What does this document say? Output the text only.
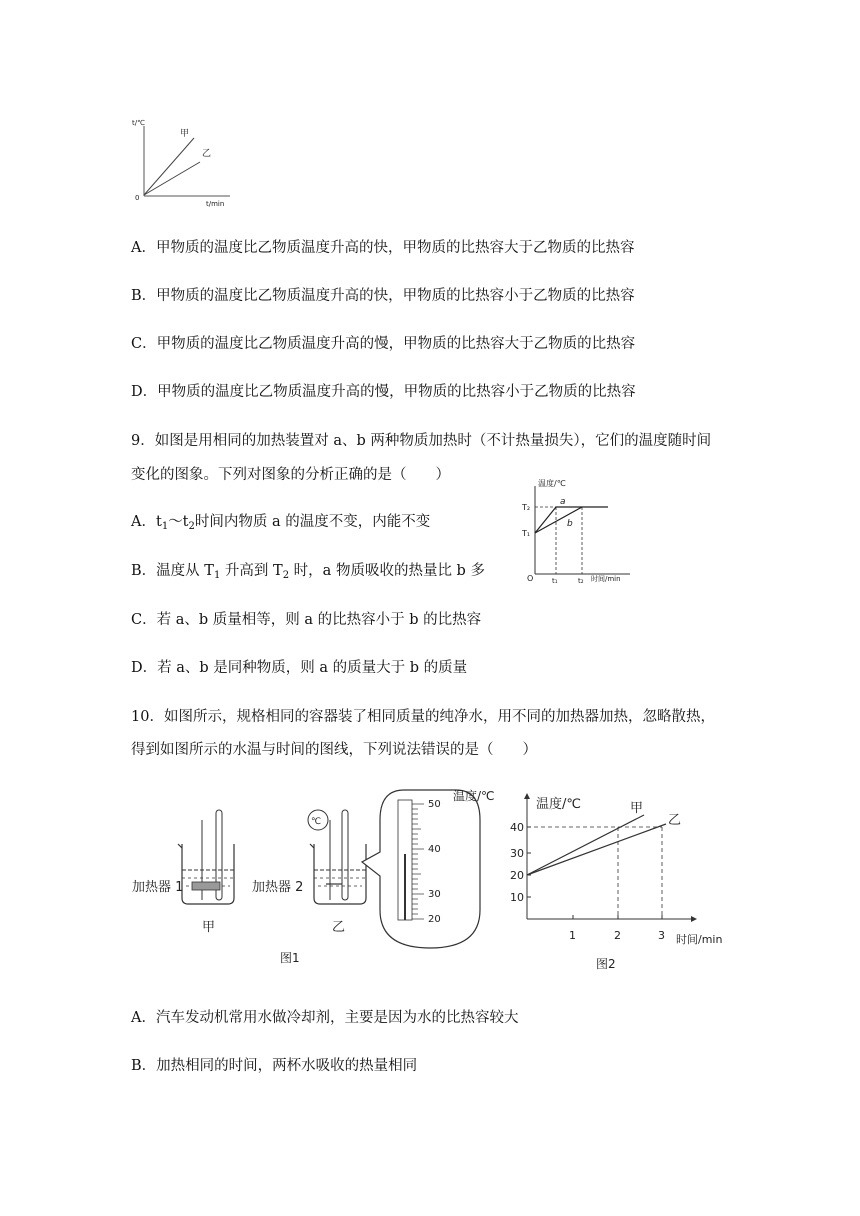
t/℃
t/min
0
甲
乙
A．甲物质的温度比乙物质温度升高的快，甲物质的比热容大于乙物质的比热容
B．甲物质的温度比乙物质温度升高的快，甲物质的比热容小于乙物质的比热容
C．甲物质的温度比乙物质温度升高的慢，甲物质的比热容大于乙物质的比热容
D．甲物质的温度比乙物质温度升高的慢，甲物质的比热容小于乙物质的比热容
9．如图是用相同的加热装置对 a、b 两种物质加热时（不计热量损失），它们的温度随时间
变化的图象。下列对图象的分析正确的是（　　）
A．$t_1\sim t_2$时间内物质 a 的温度不变，内能不变
B．温度从 $T_1$ 升高到 $T_2$ 时，a 物质吸收的热量比 b 多
C．若 a、b 质量相等，则 a 的比热容小于 b 的比热容
D．若 a、b 是同种物质，则 a 的质量大于 b 的质量
温度/℃
时间/min
O
T₂
T₁
a
b
t₁	t₂
10．如图所示，规格相同的容器装了相同质量的纯净水，用不同的加热器加热，忽略散热，
得到如图所示的水温与时间的图线，下列说法错误的是（　　）
加热器 1
甲
℃
加热器 2
乙
50
40
30
20
温度/℃
图1
温度/℃
时间/min
40
30
20
10
1	2	3
甲
乙
图2
A．汽车发动机常用水做冷却剂，主要是因为水的比热容较大
B．加热相同的时间，两杯水吸收的热量相同
